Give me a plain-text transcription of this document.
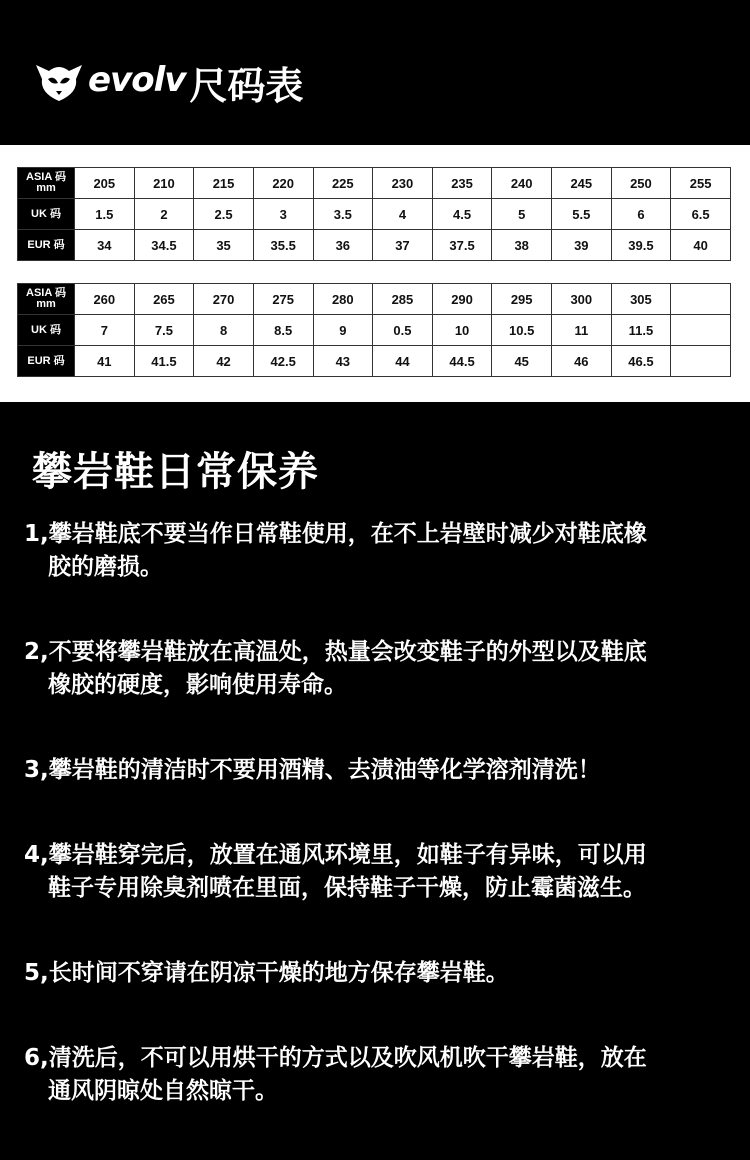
evolv 尺码表
ASIA 码
mm	205	210	215	220	225	230	235	240	245	250	255
UK 码	1.5	2	2.5	3	3.5	4	4.5	5	5.5	6	6.5
EUR 码	34	34.5	35	35.5	36	37	37.5	38	39	39.5	40
ASIA 码
mm	260	265	270	275	280	285	290	295	300	305	
UK 码	7	7.5	8	8.5	9	0.5	10	10.5	11	11.5	
EUR 码	41	41.5	42	42.5	43	44	44.5	45	46	46.5	
攀岩鞋日常保养
1,攀岩鞋底不要当作日常鞋使用，在不上岩壁时减少对鞋底橡
胶的磨损。
2,不要将攀岩鞋放在高温处，热量会改变鞋子的外型以及鞋底
橡胶的硬度，影响使用寿命。
3,攀岩鞋的清洁时不要用酒精、去渍油等化学溶剂清洗！
4,攀岩鞋穿完后，放置在通风环境里，如鞋子有异味，可以用
鞋子专用除臭剂喷在里面，保持鞋子干燥，防止霉菌滋生。
5,长时间不穿请在阴凉干燥的地方保存攀岩鞋。
6,清洗后，不可以用烘干的方式以及吹风机吹干攀岩鞋，放在
通风阴晾处自然晾干。
